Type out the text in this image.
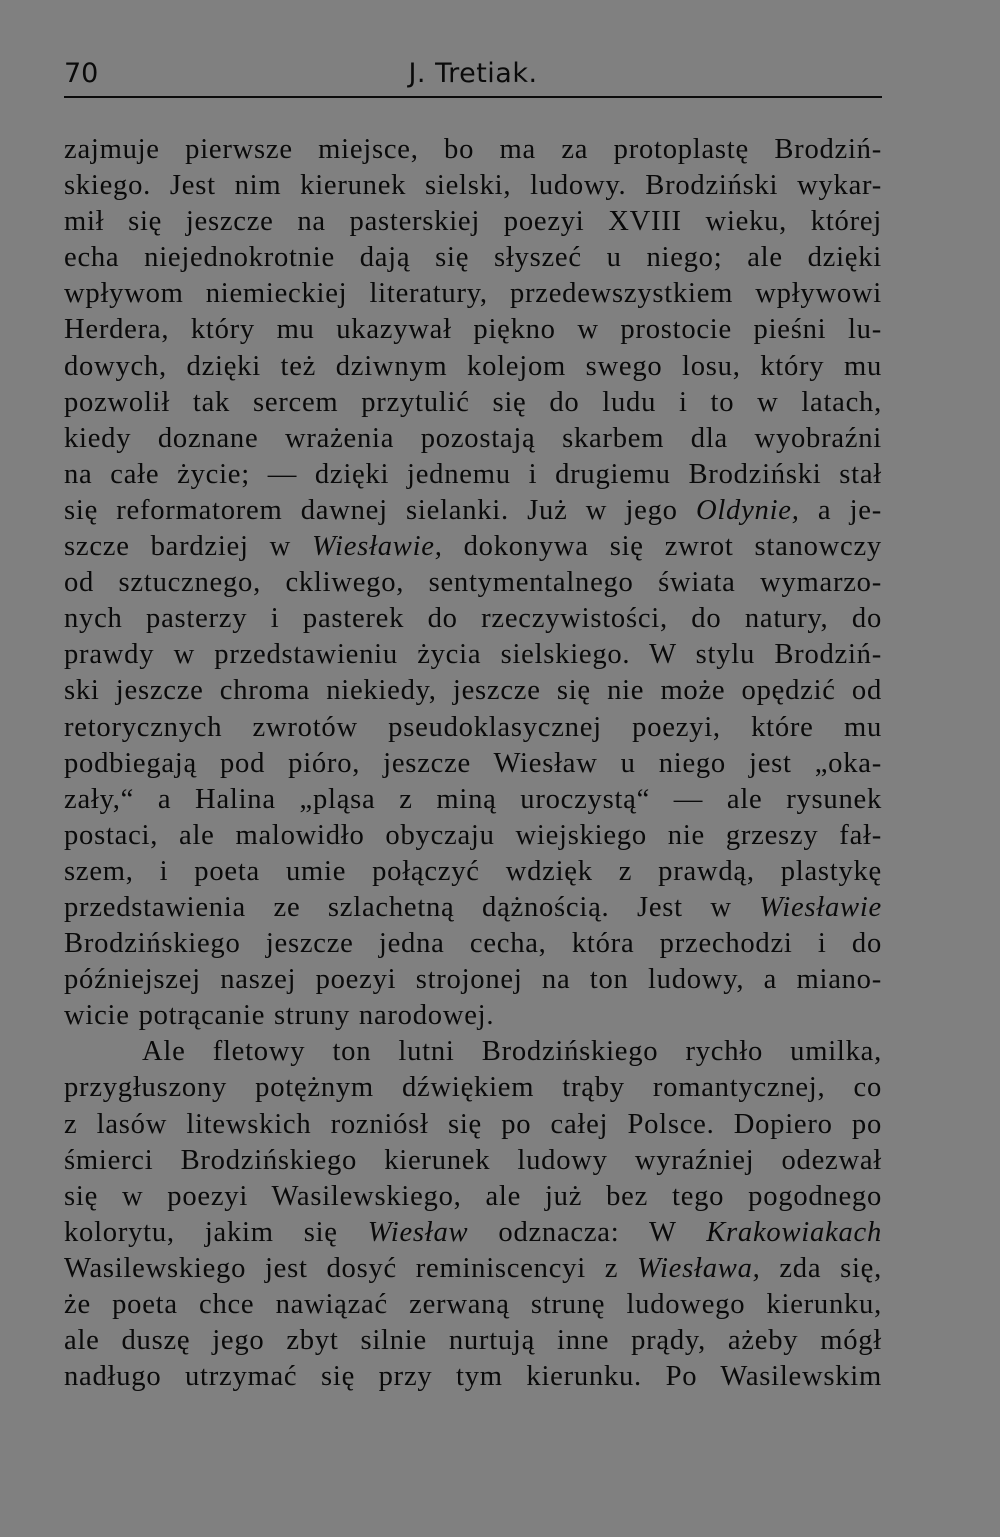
70	J. Tretiak.

zajmuje pierwsze miejsce, bo ma za protoplastę Brodziń-
skiego. Jest nim kierunek sielski, ludowy. Brodziński wykar-
mił się jeszcze na pasterskiej poezyi XVIII wieku, której
echa niejednokrotnie dają się słyszeć u niego; ale dzięki
wpływom niemieckiej literatury, przedewszystkiem wpływowi
Herdera, który mu ukazywał piękno w prostocie pieśni lu-
dowych, dzięki też dziwnym kolejom swego losu, który mu
pozwolił tak sercem przytulić się do ludu i to w latach,
kiedy doznane wrażenia pozostają skarbem dla wyobraźni
na całe życie; — dzięki jednemu i drugiemu Brodziński stał
się reformatorem dawnej sielanki. Już w jego Oldynie, a je-
szcze bardziej w Wiesławie, dokonywa się zwrot stanowczy
od sztucznego, ckliwego, sentymentalnego świata wymarzo-
nych pasterzy i pasterek do rzeczywistości, do natury, do
prawdy w przedstawieniu życia sielskiego. W stylu Brodziń-
ski jeszcze chroma niekiedy, jeszcze się nie może opędzić od
retorycznych zwrotów pseudoklasycznej poezyi, które mu
podbiegają pod pióro, jeszcze Wiesław u niego jest „oka-
zały,“ a Halina „pląsa z miną uroczystą“ — ale rysunek
postaci, ale malowidło obyczaju wiejskiego nie grzeszy fał-
szem, i poeta umie połączyć wdzięk z prawdą, plastykę
przedstawienia ze szlachetną dążnością. Jest w Wiesławie
Brodzińskiego jeszcze jedna cecha, która przechodzi i do
późniejszej naszej poezyi strojonej na ton ludowy, a miano-
wicie potrącanie struny narodowej.

Ale fletowy ton lutni Brodzińskiego rychło umilka,
przygłuszony potężnym dźwiękiem trąby romantycznej, co
z lasów litewskich rozniósł się po całej Polsce. Dopiero po
śmierci Brodzińskiego kierunek ludowy wyraźniej odezwał
się w poezyi Wasilewskiego, ale już bez tego pogodnego
kolorytu, jakim się Wiesław odznacza: W Krakowiakach
Wasilewskiego jest dosyć reminiscencyi z Wiesława, zda się,
że poeta chce nawiązać zerwaną strunę ludowego kierunku,
ale duszę jego zbyt silnie nurtują inne prądy, ażeby mógł
nadługo utrzymać się przy tym kierunku. Po Wasilewskim
